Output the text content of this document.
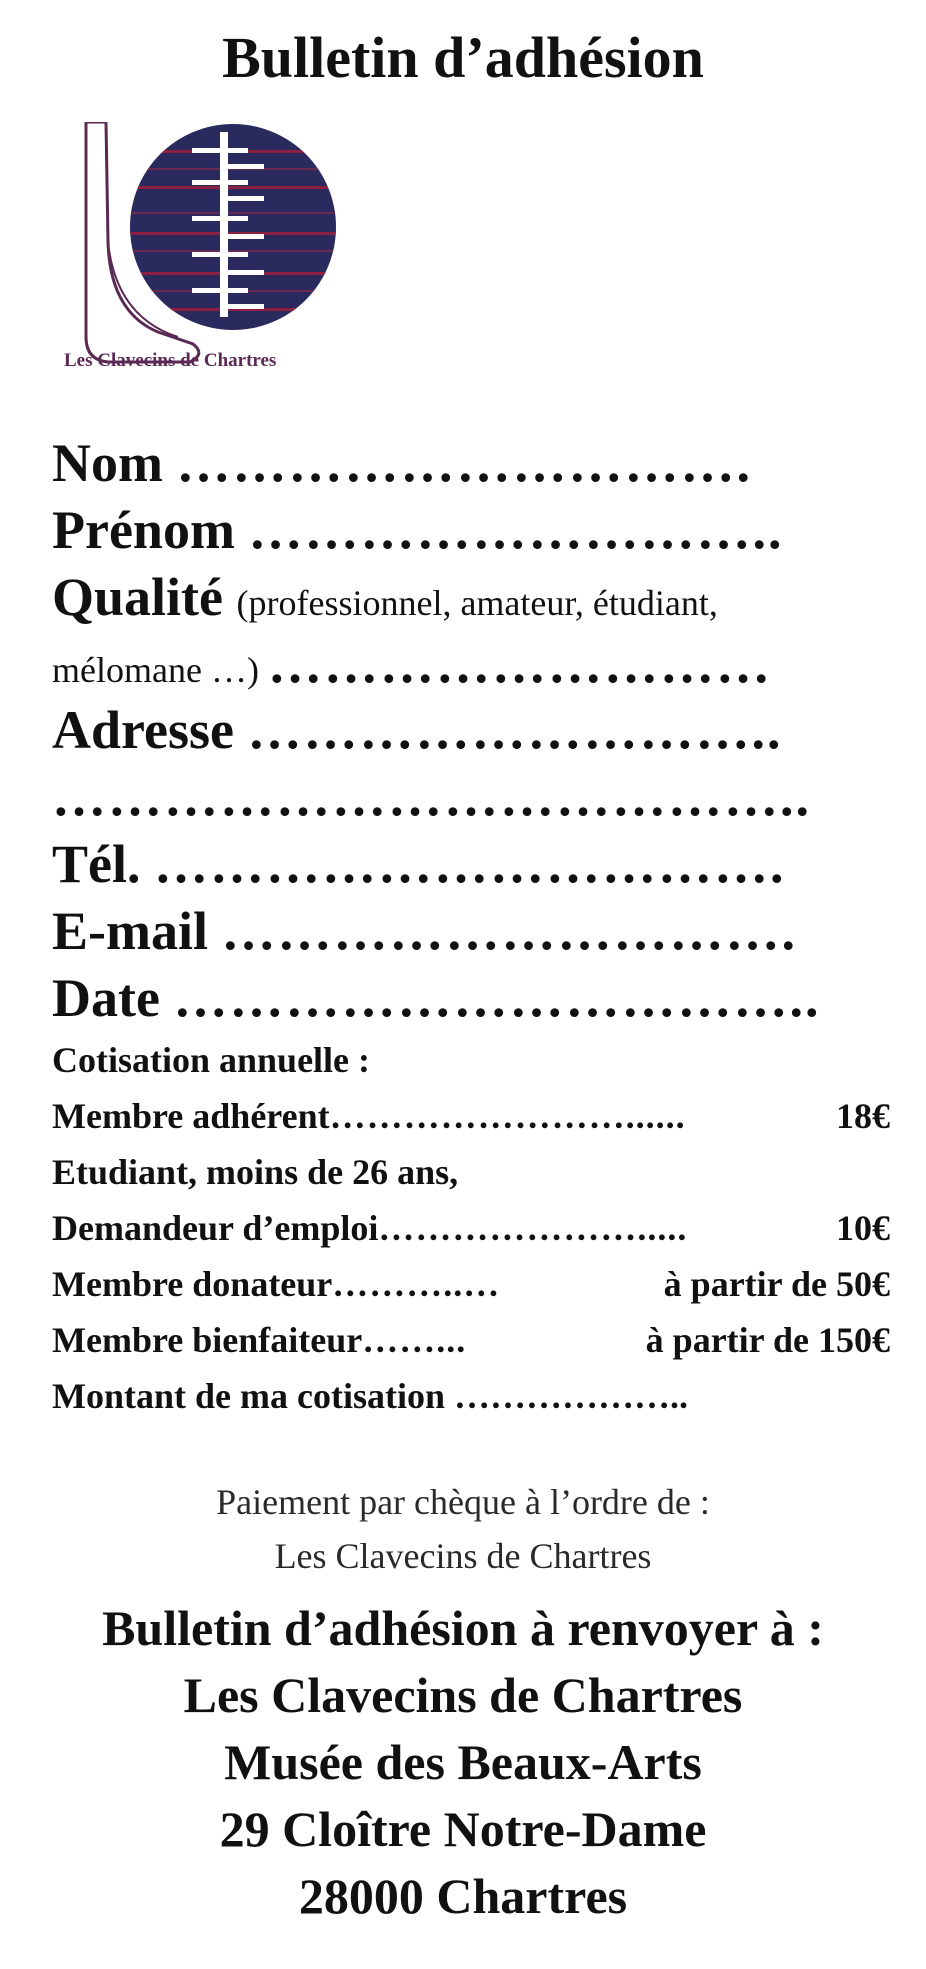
Bulletin d’adhésion
Les Clavecins de Chartres
Nom ………………………….
Prénom ………………………..
Qualité (professionnel, amateur, étudiant,
mélomane …) ………………………
Adresse ………………………..
…………………………………..
Tél. …………………………….
E-mail ………………………….
Date ……………………………..
Cotisation annuelle :
Membre adhérent ……………………......	18€
Etudiant, moins de 26 ans,
Demandeur d’emploi ………………….....	10€
Membre donateur ………..…	à partir de 50€
Membre bienfaiteur ……...	à partir de 150€
Montant de ma cotisation ………………..
Paiement par chèque à l’ordre de :
Les Clavecins de Chartres
Bulletin d’adhésion à renvoyer à :
Les Clavecins de Chartres
Musée des Beaux-Arts
29 Cloître Notre-Dame
28000 Chartres
